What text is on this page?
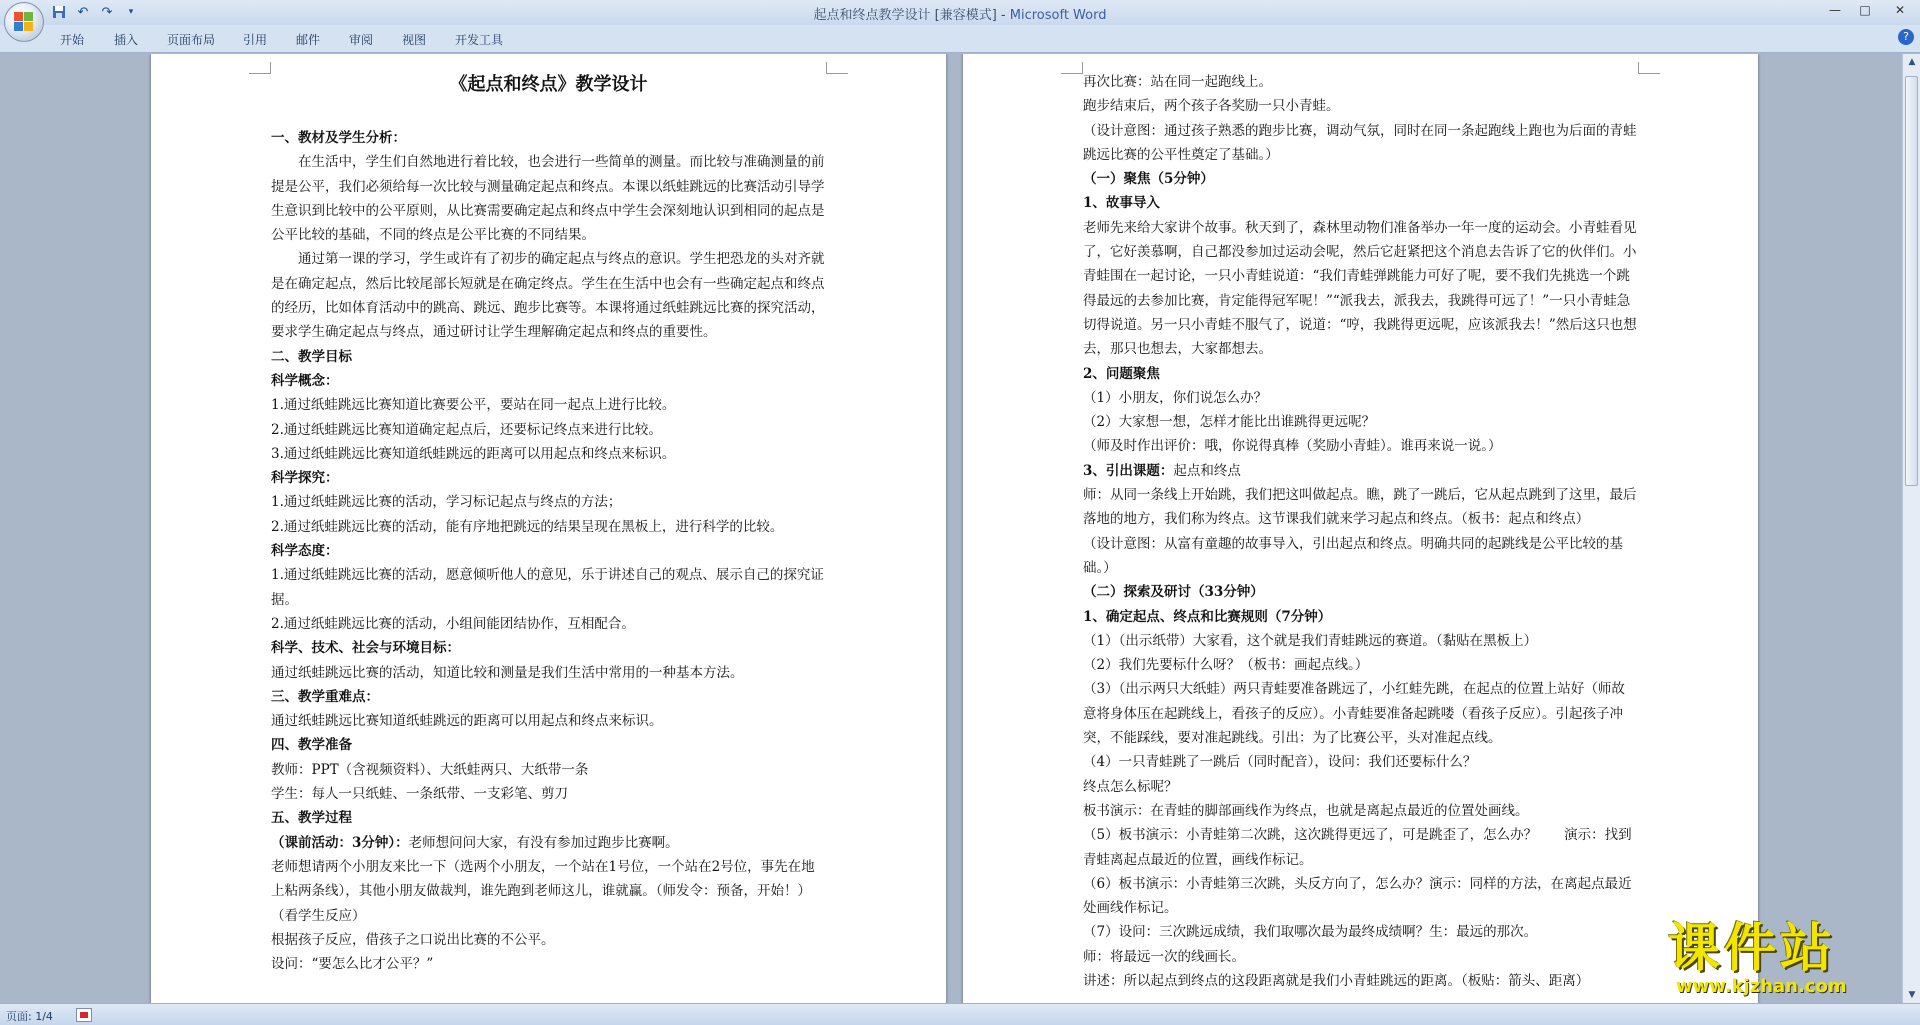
↶ ↷	▾	起点和终点教学设计 [兼容模式] - Microsoft Word	—	□	✕
开始 插入 页面布局 引用 邮件 审阅 视图 开发工具	?

《起点和终点》教学设计

一、教材及学生分析：

在生活中，学生们自然地进行着比较，也会进行一些简单的测量。而比较与准确测量的前提是公平，我们必须给每一次比较与测量确定起点和终点。本课以纸蛙跳远的比赛活动引导学生意识到比较中的公平原则，从比赛需要确定起点和终点中学生会深刻地认识到相同的起点是公平比较的基础，不同的终点是公平比赛的不同结果。

通过第一课的学习，学生或许有了初步的确定起点与终点的意识。学生把恐龙的头对齐就是在确定起点，然后比较尾部长短就是在确定终点。学生在生活中也会有一些确定起点和终点的经历，比如体育活动中的跳高、跳远、跑步比赛等。本课将通过纸蛙跳远比赛的探究活动，要求学生确定起点与终点，通过研讨让学生理解确定起点和终点的重要性。

二、教学目标

科学概念：

1.通过纸蛙跳远比赛知道比赛要公平，要站在同一起点上进行比较。

2.通过纸蛙跳远比赛知道确定起点后，还要标记终点来进行比较。

3.通过纸蛙跳远比赛知道纸蛙跳远的距离可以用起点和终点来标识。

科学探究：

1.通过纸蛙跳远比赛的活动，学习标记起点与终点的方法；

2.通过纸蛙跳远比赛的活动，能有序地把跳远的结果呈现在黑板上，进行科学的比较。

科学态度：

1.通过纸蛙跳远比赛的活动，愿意倾听他人的意见，乐于讲述自己的观点、展示自己的探究证据。

2.通过纸蛙跳远比赛的活动，小组间能团结协作，互相配合。

科学、技术、社会与环境目标：

通过纸蛙跳远比赛的活动，知道比较和测量是我们生活中常用的一种基本方法。

三、教学重难点：

通过纸蛙跳远比赛知道纸蛙跳远的距离可以用起点和终点来标识。

四、教学准备

教师：PPT（含视频资料）、大纸蛙两只、大纸带一条

学生：每人一只纸蛙、一条纸带、一支彩笔、剪刀

五、教学过程

（课前活动：3分钟）：老师想问问大家，有没有参加过跑步比赛啊。

老师想请两个小朋友来比一下（选两个小朋友，一个站在1号位，一个站在2号位，事先在地上粘两条线），其他小朋友做裁判，谁先跑到老师这儿，谁就赢。（师发令：预备，开始！）（看学生反应）

根据孩子反应，借孩子之口说出比赛的不公平。

设问：“要怎么比才公平？”

再次比赛：站在同一起跑线上。

跑步结束后，两个孩子各奖励一只小青蛙。

（设计意图：通过孩子熟悉的跑步比赛，调动气氛，同时在同一条起跑线上跑也为后面的青蛙跳远比赛的公平性奠定了基础。）

（一）聚焦（5分钟）

1、故事导入

老师先来给大家讲个故事。秋天到了，森林里动物们准备举办一年一度的运动会。小青蛙看见了，它好羡慕啊，自己都没参加过运动会呢，然后它赶紧把这个消息去告诉了它的伙伴们。小青蛙围在一起讨论，一只小青蛙说道：“我们青蛙弹跳能力可好了呢，要不我们先挑选一个跳得最远的去参加比赛，肯定能得冠军呢！”“派我去，派我去，我跳得可远了！”一只小青蛙急切得说道。另一只小青蛙不服气了，说道：“哼，我跳得更远呢，应该派我去！”然后这只也想去，那只也想去，大家都想去。

2、问题聚焦

（1）小朋友，你们说怎么办？

（2）大家想一想，怎样才能比出谁跳得更远呢？

（师及时作出评价：哦，你说得真棒（奖励小青蛙）。谁再来说一说。）

3、引出课题：起点和终点

师：从同一条线上开始跳，我们把这叫做起点。瞧，跳了一跳后，它从起点跳到了这里，最后落地的地方，我们称为终点。这节课我们就来学习起点和终点。（板书：起点和终点）

（设计意图：从富有童趣的故事导入，引出起点和终点。明确共同的起跳线是公平比较的基础。）

（二）探索及研讨（33分钟）

1、确定起点、终点和比赛规则（7分钟）

（1）（出示纸带）大家看，这个就是我们青蛙跳远的赛道。（黏贴在黑板上）

（2）我们先要标什么呀？（板书：画起点线。）

（3）（出示两只大纸蛙）两只青蛙要准备跳远了，小红蛙先跳，在起点的位置上站好（师故意将身体压在起跳线上，看孩子的反应）。小青蛙要准备起跳喽（看孩子反应）。引起孩子冲突，不能踩线，要对准起跳线。引出：为了比赛公平，头对准起点线。

（4）一只青蛙跳了一跳后（同时配音），设问：我们还要标什么？

终点怎么标呢？

板书演示：在青蛙的脚部画线作为终点，也就是离起点最近的位置处画线。

（5）板书演示：小青蛙第二次跳，这次跳得更远了，可是跳歪了，怎么办？　　演示：找到青蛙离起点最近的位置，画线作标记。

（6）板书演示：小青蛙第三次跳，头反方向了，怎么办？演示：同样的方法，在离起点最近处画线作标记。

（7）设问：三次跳远成绩，我们取哪次最为最终成绩啊？生：最远的那次。

师：将最远一次的线画长。

讲述：所以起点到终点的这段距离就是我们小青蛙跳远的距离。（板贴：箭头、距离）

▲
▼
页面: 1/4
课件站
www.kjzhan.com
